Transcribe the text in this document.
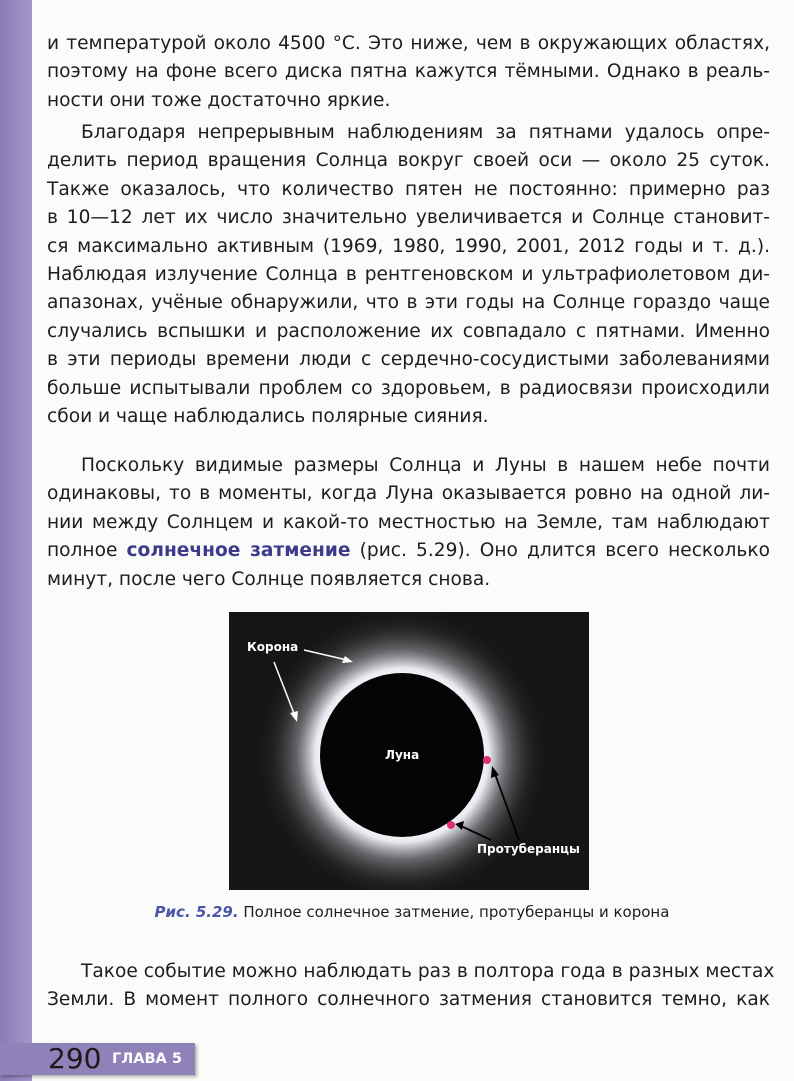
и температурой около 4500 °С. Это ниже, чем в окружающих областях,
поэтому на фоне всего диска пятна кажутся тёмными. Однако в реаль-
ности они тоже достаточно яркие.
Благодаря непрерывным наблюдениям за пятнами удалось опре-
делить период вращения Солнца вокруг своей оси — около 25 суток.
Также оказалось, что количество пятен не постоянно: примерно раз
в 10—12 лет их число значительно увеличивается и Солнце становит-
ся максимально активным (1969, 1980, 1990, 2001, 2012 годы и т. д.).
Наблюдая излучение Солнца в рентгеновском и ультрафиолетовом ди-
апазонах, учёные обнаружили, что в эти годы на Солнце гораздо чаще
случались вспышки и расположение их совпадало с пятнами. Именно
в эти периоды времени люди с сердечно-сосудистыми заболеваниями
больше испытывали проблем со здоровьем, в радиосвязи происходили
сбои и чаще наблюдались полярные сияния.
Поскольку видимые размеры Солнца и Луны в нашем небе почти
одинаковы, то в моменты, когда Луна оказывается ровно на одной ли-
нии между Солнцем и какой-то местностью на Земле, там наблюдают
полное солнечное затмение (рис. 5.29). Оно длится всего несколько
минут, после чего Солнце появляется снова.
Корона
Луна
Протуберанцы
Рис. 5.29. Полное солнечное затмение, протуберанцы и корона
Такое событие можно наблюдать раз в полтора года в разных местах
Земли. В момент полного солнечного затмения становится темно, как
290 ГЛАВА 5
